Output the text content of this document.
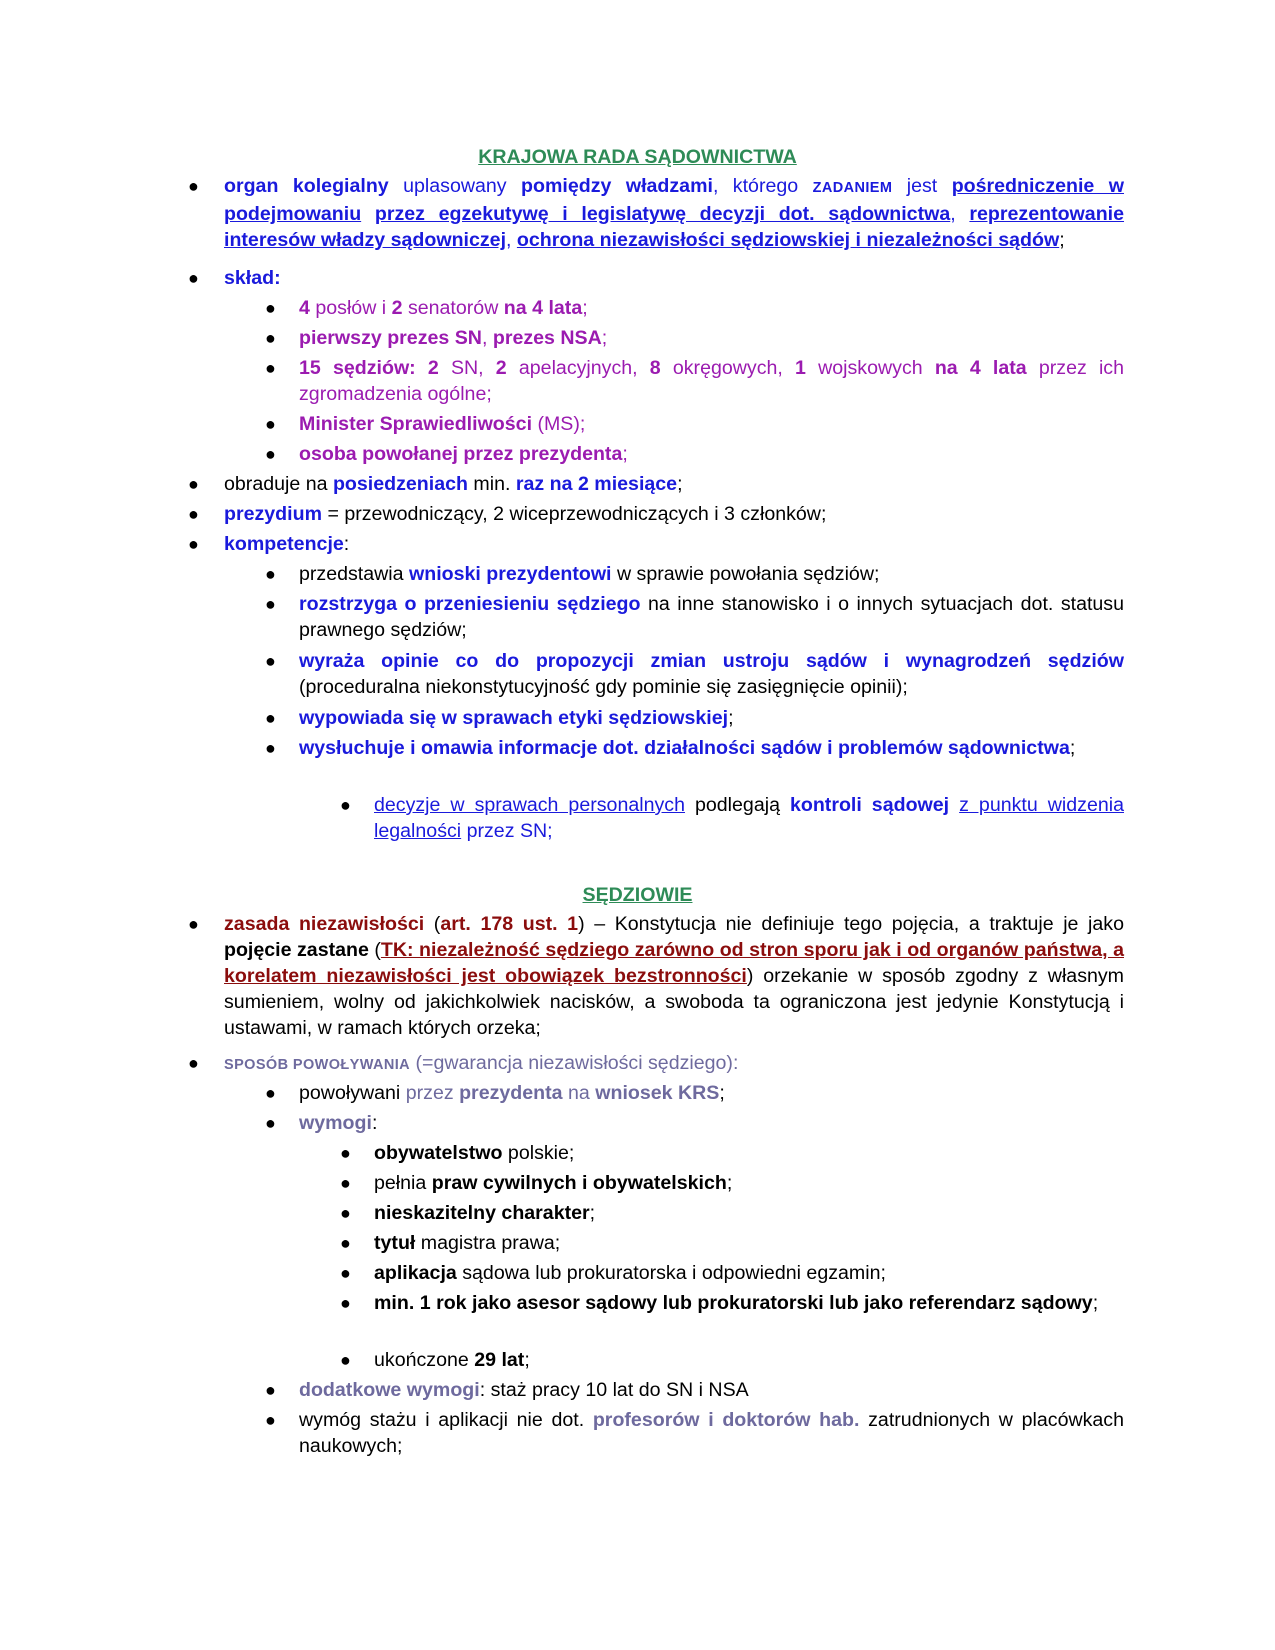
KRAJOWA RADA SĄDOWNICTWA
● organ kolegialny uplasowany pomiędzy władzami, którego ZADANIEM jest pośredniczenie w podejmowaniu przez egzekutywę i legislatywę decyzji dot. sądownictwa, reprezentowanie interesów władzy sądowniczej, ochrona niezawisłości sędziowskiej i niezależności sądów;
● skład:
● 4 posłów i 2 senatorów na 4 lata;
● pierwszy prezes SN, prezes NSA;
● 15 sędziów: 2 SN, 2 apelacyjnych, 8 okręgowych, 1 wojskowych na 4 lata przez ich zgromadzenia ogólne;
● Minister Sprawiedliwości (MS);
● osoba powołanej przez prezydenta;
● obraduje na posiedzeniach min. raz na 2 miesiące;
● prezydium = przewodniczący, 2 wiceprzewodniczących i 3 członków;
● kompetencje:
● przedstawia wnioski prezydentowi w sprawie powołania sędziów;
● rozstrzyga o przeniesieniu sędziego na inne stanowisko i o innych sytuacjach dot. statusu prawnego sędziów;
● wyraża opinie co do propozycji zmian ustroju sądów i wynagrodzeń sędziów (proceduralna niekonstytucyjność gdy pominie się zasięgnięcie opinii);
● wypowiada się w sprawach etyki sędziowskiej;
● wysłuchuje i omawia informacje dot. działalności sądów i problemów sądownictwa;
● decyzje w sprawach personalnych podlegają kontroli sądowej z punktu widzenia legalności przez SN;
SĘDZIOWIE
● zasada niezawisłości (art. 178 ust. 1) – Konstytucja nie definiuje tego pojęcia, a traktuje je jako pojęcie zastane (TK: niezależność sędziego zarówno od stron sporu jak i od organów państwa, a korelatem niezawisłości jest obowiązek bezstronności) orzekanie w sposób zgodny z własnym sumieniem, wolny od jakichkolwiek nacisków, a swoboda ta ograniczona jest jedynie Konstytucją i ustawami, w ramach których orzeka;
● SPOSÓB POWOŁYWANIA (=gwarancja niezawisłości sędziego):
● powoływani przez prezydenta na wniosek KRS;
● wymogi:
● obywatelstwo polskie;
● pełnia praw cywilnych i obywatelskich;
● nieskazitelny charakter;
● tytuł magistra prawa;
● aplikacja sądowa lub prokuratorska i odpowiedni egzamin;
● min. 1 rok jako asesor sądowy lub prokuratorski lub jako referendarz sądowy;
● ukończone 29 lat;
● dodatkowe wymogi: staż pracy 10 lat do SN i NSA
● wymóg stażu i aplikacji nie dot. profesorów i doktorów hab. zatrudnionych w placówkach naukowych;
